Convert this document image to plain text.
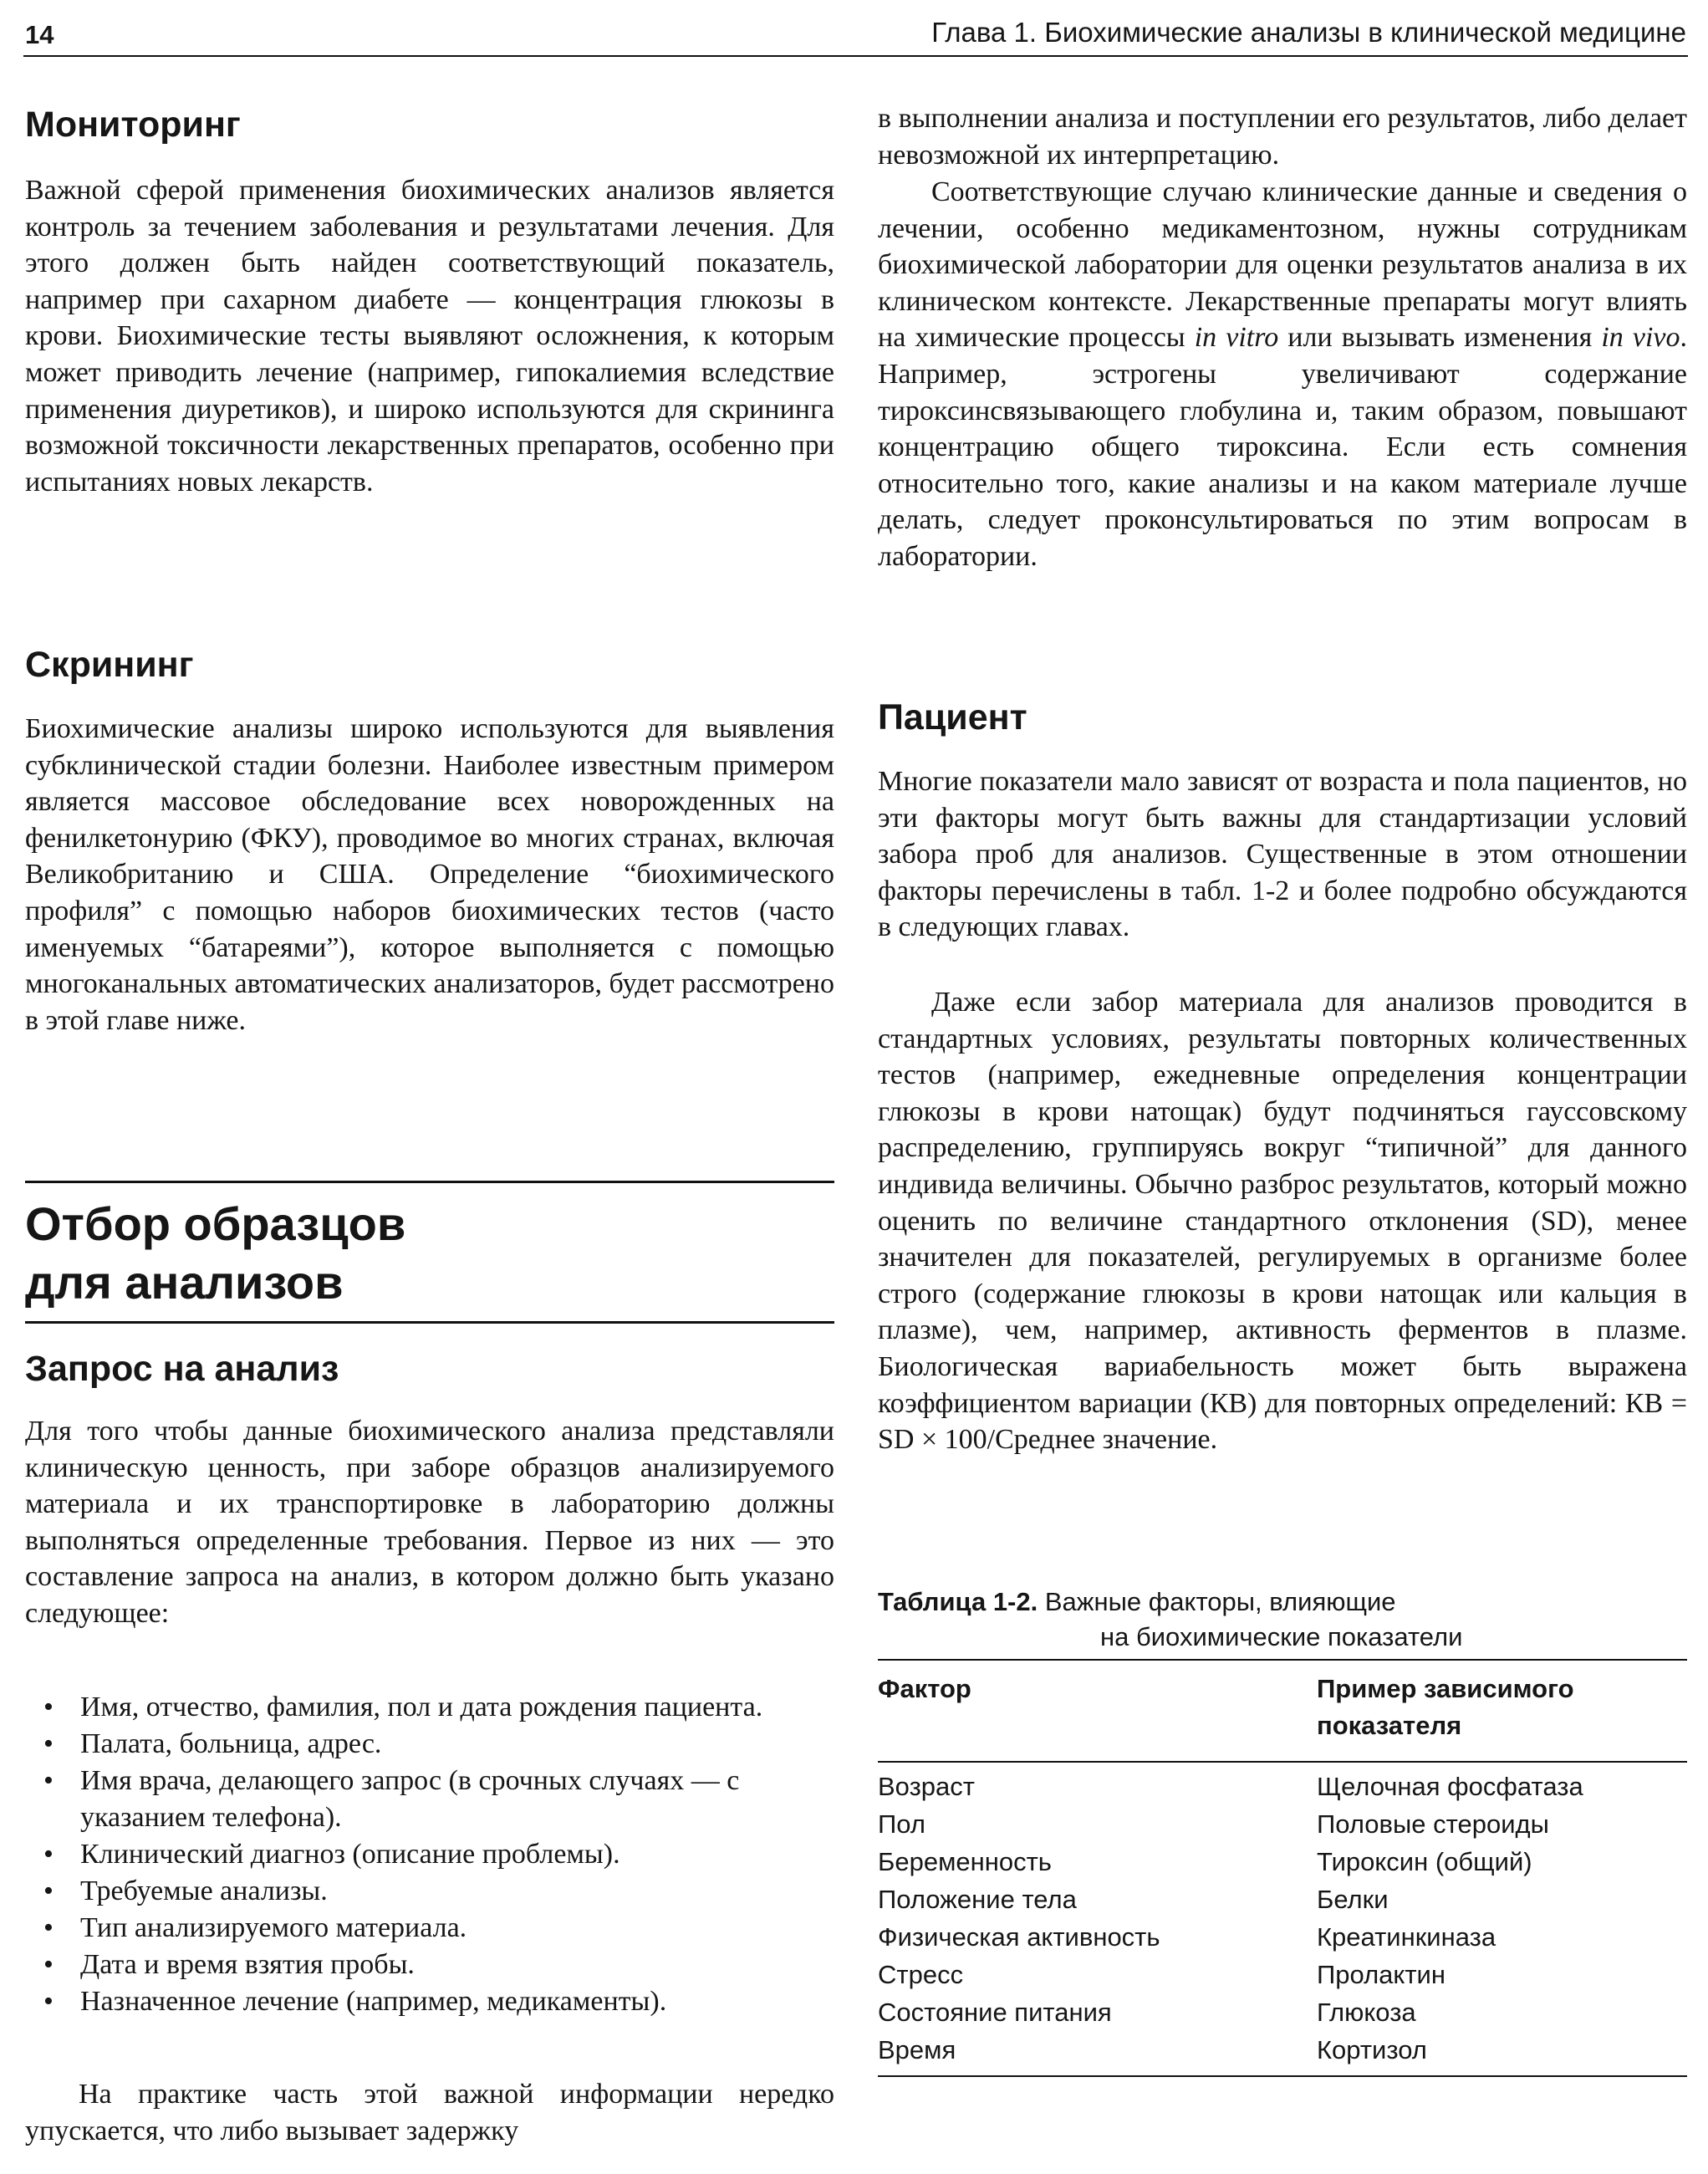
14	Глава 1. Биохимические анализы в клинической медицине
Мониторинг

Важной сферой применения биохимических анализов является контроль за течением заболевания и результатами лечения. Для этого должен быть найден соответствующий показатель, например при сахарном диабете — концентрация глюкозы в крови. Биохимические тесты выявляют осложнения, к которым может приводить лечение (например, гипокалиемия вследствие применения диуретиков), и широко используются для скрининга возможной токсичности лекарственных препаратов, особенно при испытаниях новых лекарств.

Скрининг

Биохимические анализы широко используются для выявления субклинической стадии болезни. Наиболее известным примером является массовое обследование всех новорожденных на фенилкетонурию (ФКУ), проводимое во многих странах, включая Великобританию и США. Определение “биохимического профиля” с помощью наборов биохимических тестов (часто именуемых “батареями”), которое выполняется с помощью многоканальных автоматических анализаторов, будет рассмотрено в этой главе ниже.

Отбор образцов
для анализов
Запрос на анализ

Для того чтобы данные биохимического анализа представляли клиническую ценность, при заборе образцов анализируемого материала и их транспортировке в лабораторию должны выполняться определенные требования. Первое из них — это составление запроса на анализ, в котором должно быть указано следующее:

• Имя, отчество, фамилия, пол и дата рождения пациента.
• Палата, больница, адрес.
• Имя врача, делающего запрос (в срочных случаях — с указанием телефона).
• Клинический диагноз (описание проблемы).
• Требуемые анализы.
• Тип анализируемого материала.
• Дата и время взятия пробы.
• Назначенное лечение (например, медикаменты).

На практике часть этой важной информации нередко упускается, что либо вызывает задержку

в выполнении анализа и поступлении его результатов, либо делает невозможной их интерпретацию.

Соответствующие случаю клинические данные и сведения о лечении, особенно медикаментозном, нужны сотрудникам биохимической лаборатории для оценки результатов анализа в их клиническом контексте. Лекарственные препараты могут влиять на химические процессы in vitro или вызывать изменения in vivo. Например, эстрогены увеличивают содержание тироксинсвязывающего глобулина и, таким образом, повышают концентрацию общего тироксина. Если есть сомнения относительно того, какие анализы и на каком материале лучше делать, следует проконсультироваться по этим вопросам в лаборатории.

Пациент

Многие показатели мало зависят от возраста и пола пациентов, но эти факторы могут быть важны для стандартизации условий забора проб для анализов. Существенные в этом отношении факторы перечислены в табл. 1-2 и более подробно обсуждаются в следующих главах.

Даже если забор материала для анализов проводится в стандартных условиях, результаты повторных количественных тестов (например, ежедневные определения концентрации глюкозы в крови натощак) будут подчиняться гауссовскому распределению, группируясь вокруг “типичной” для данного индивида величины. Обычно разброс результатов, который можно оценить по величине стандартного отклонения (SD), менее значителен для показателей, регулируемых в организме более строго (содержание глюкозы в крови натощак или кальция в плазме), чем, например, активность ферментов в плазме. Биологическая вариабельность может быть выражена коэффициентом вариации (КВ) для повторных определений: КВ = SD × 100/Среднее значение.

Таблица 1-2. Важные факторы, влияющие
на биохимические показатели
Фактор	Пример зависимого
показателя
Возраст	Щелочная фосфатаза
Пол	Половые стероиды
Беременность	Тироксин (общий)
Положение тела	Белки
Физическая активность	Креатинкиназа
Стресс	Пролактин
Состояние питания	Глюкоза
Время	Кортизол
